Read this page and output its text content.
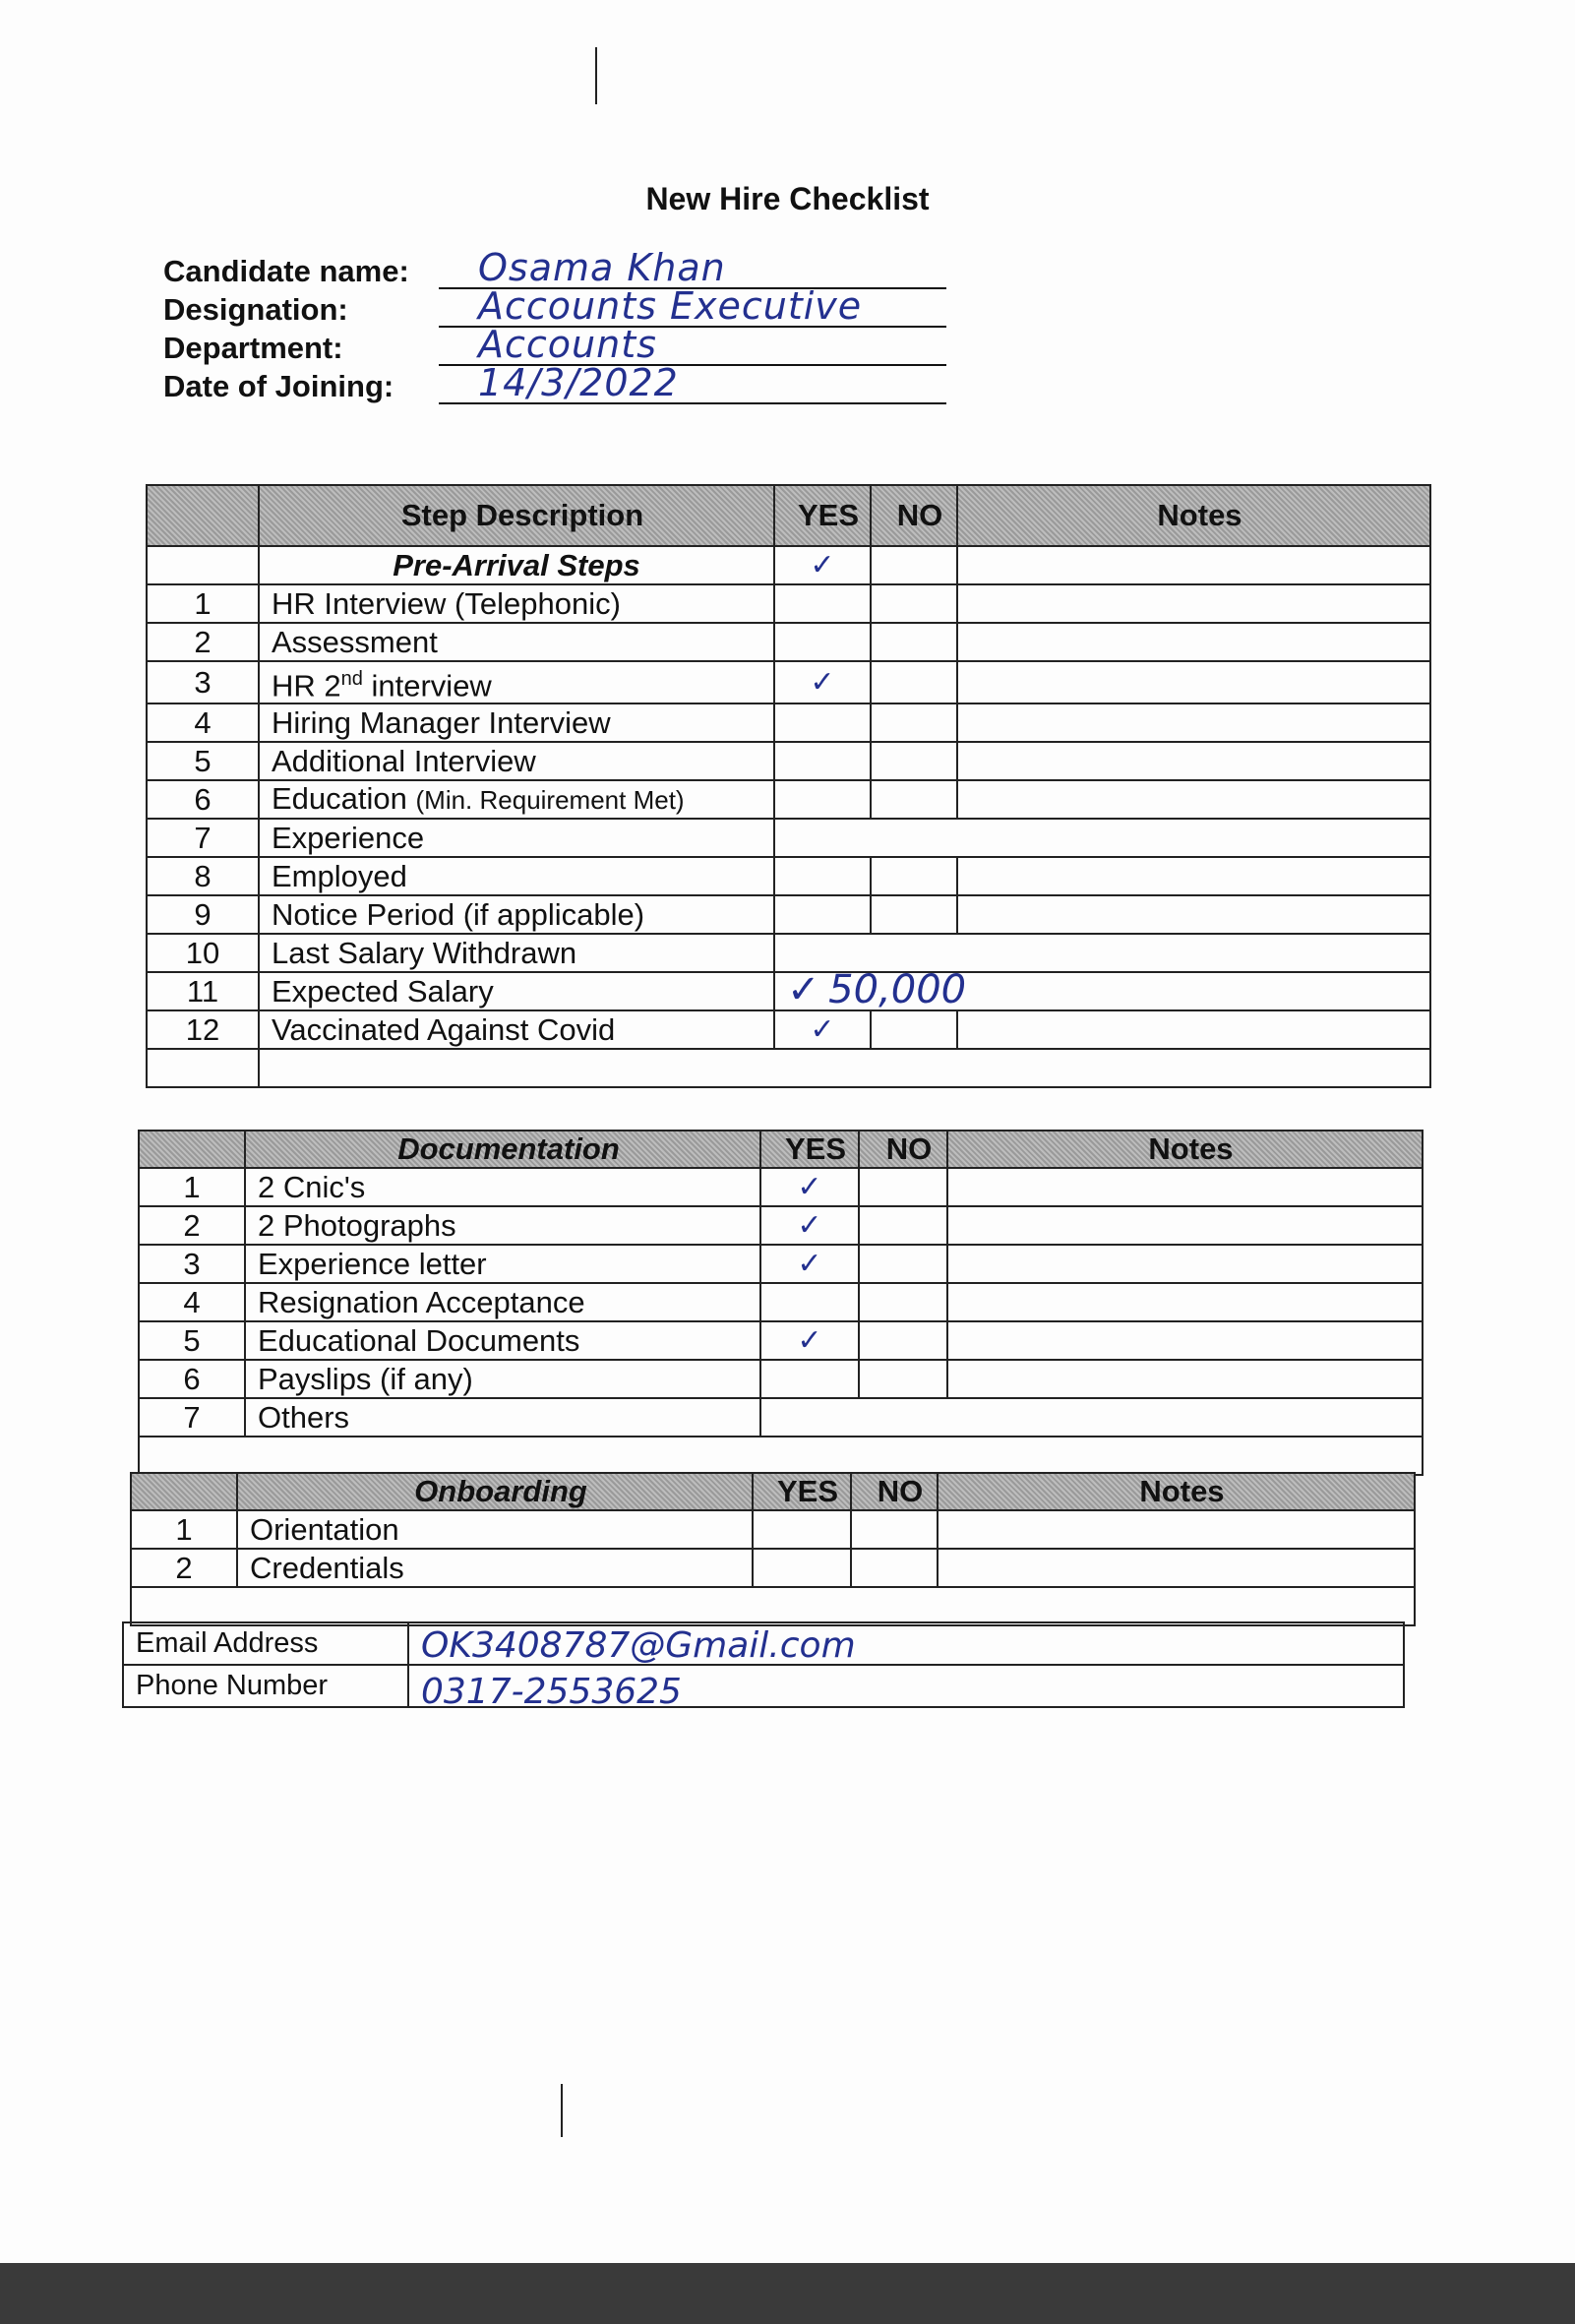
New Hire Checklist
Candidate name: Osama Khan
Designation:	Accounts Executive
Department:	Accounts
Date of Joining: 14/3/2022
	Step Description	YES	NO	Notes
	Pre-Arrival Steps	✓		
1	HR Interview (Telephonic)			
2	Assessment			
3	HR 2nd interview	✓		
4	Hiring Manager Interview			
5	Additional Interview			
6	Education (Min. Requirement Met)			
7	Experience			
8	Employed			
9	Notice Period (if applicable)			
10	Last Salary Withdrawn			
11	Expected Salary	✓ 50,000		
12	Vaccinated Against Covid	✓		

	Documentation	YES	NO	Notes
1	2 Cnic's	✓		
2	2 Photographs	✓		
3	Experience letter	✓		
4	Resignation Acceptance			
5	Educational Documents	✓		
6	Payslips (if any)			
7	Others			

	Onboarding	YES	NO	Notes
1	Orientation			
2	Credentials			

Email Address	OK3408787@Gmail.com
Phone Number	0317-2553625
